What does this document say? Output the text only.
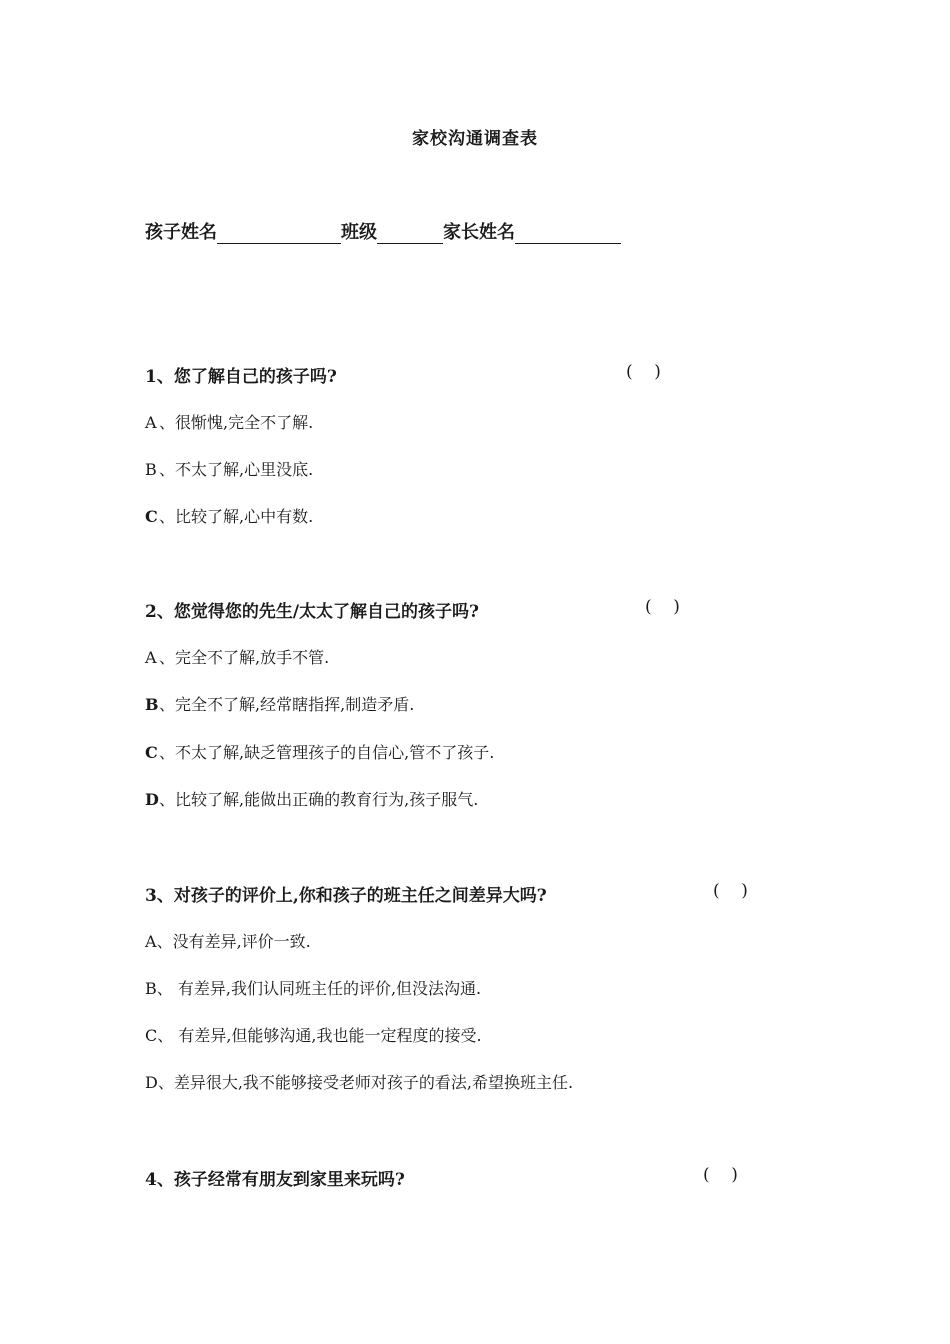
家校沟通调查表
孩子姓名	班级	家长姓名
1、您了解自己的孩子吗?	(    )
A 、很惭愧,完全不了解.
B 、不太了解,心里没底.
C、比较了解,心中有数.
2、您觉得您的先生/太太了解自己的孩子吗?	(    )
A 、完全不了解,放手不管.
B、完全不了解,经常瞎指挥,制造矛盾.
C、不太了解,缺乏管理孩子的自信心,管不了孩子.
D、比较了解,能做出正确的教育行为,孩子服气.
3、对孩子的评价上,你和孩子的班主任之间差异大吗?	(    )
A、没有差异,评价一致.
B、 有差异,我们认同班主任的评价,但没法沟通.
C、 有差异,但能够沟通,我也能一定程度的接受.
D、差异很大,我不能够接受老师对孩子的看法,希望换班主任.
4、孩子经常有朋友到家里来玩吗?	(    )
